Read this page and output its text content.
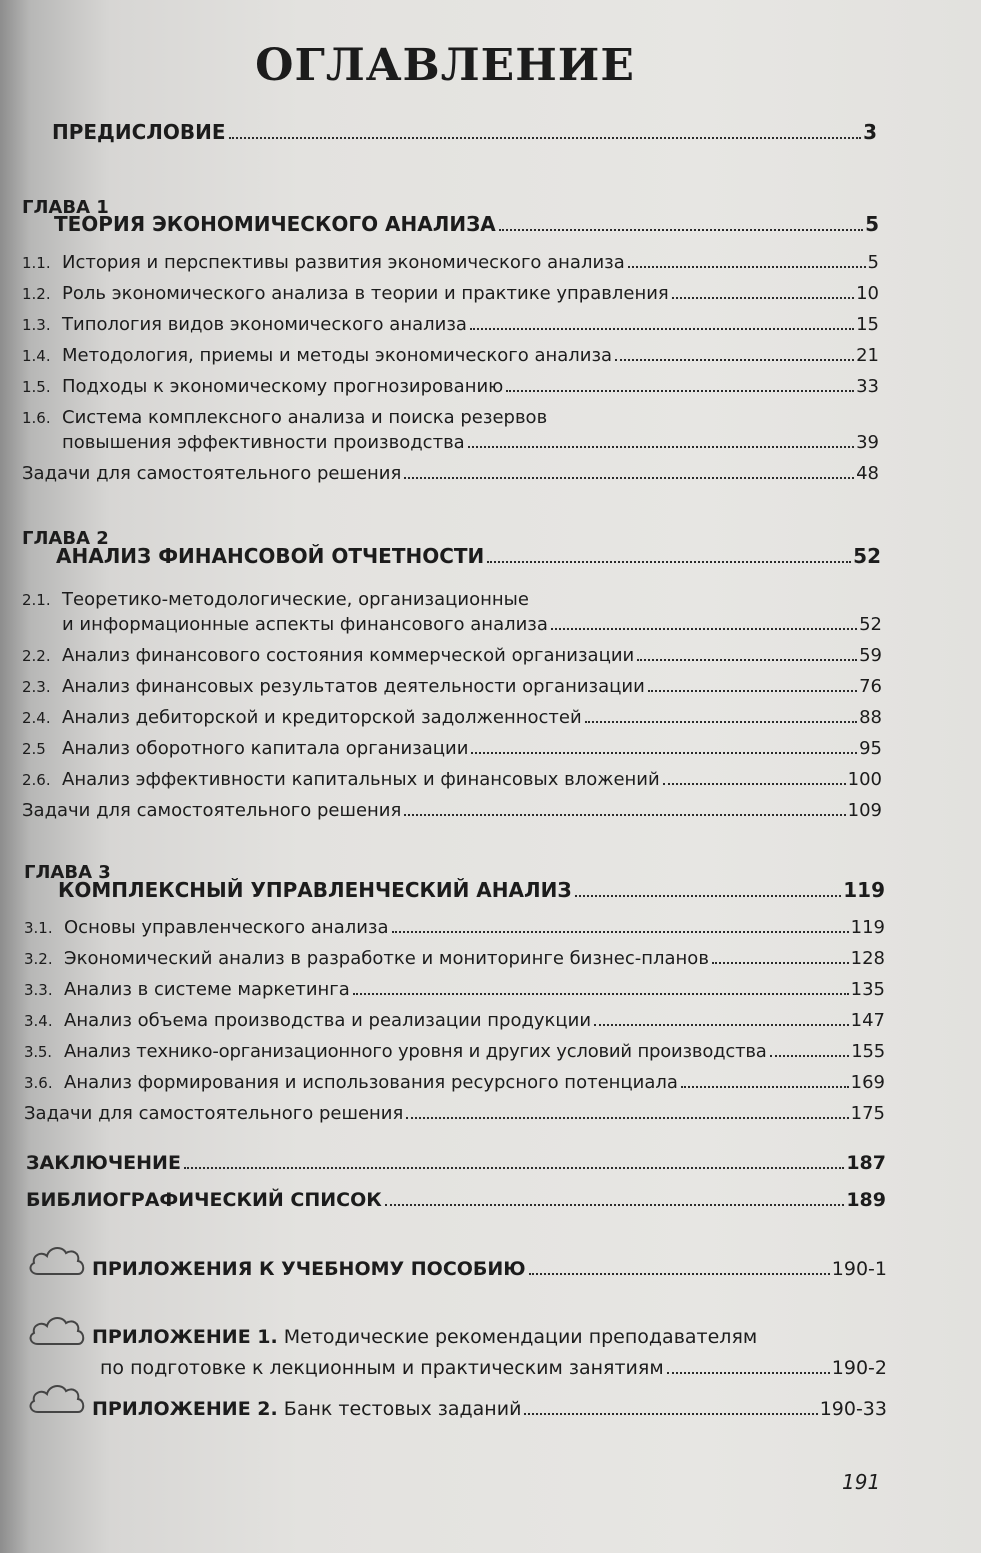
ОГЛАВЛЕНИЕ
ПРЕДИСЛОВИЕ	3
ГЛАВА 1
ТЕОРИЯ ЭКОНОМИЧЕСКОГО АНАЛИЗА	5
1.1. История и перспективы развития экономического анализа	5
1.2. Роль экономического анализа в теории и практике управления	10
1.3. Типология видов экономического анализа	15
1.4. Методология, приемы и методы экономического анализа	21
1.5. Подходы к экономическому прогнозированию	33
1.6. Система комплексного анализа и поиска резервов
повышения эффективности производства	39
Задачи для самостоятельного решения	48
ГЛАВА 2
АНАЛИЗ ФИНАНСОВОЙ ОТЧЕТНОСТИ	52
2.1. Теоретико-методологические, организационные
и информационные аспекты финансового анализа	52
2.2. Анализ финансового состояния коммерческой организации	59
2.3. Анализ финансовых результатов деятельности организации	76
2.4. Анализ дебиторской и кредиторской задолженностей	88
2.5 Анализ оборотного капитала организации	95
2.6. Анализ эффективности капитальных и финансовых вложений	100
Задачи для самостоятельного решения	109
ГЛАВА 3
КОМПЛЕКСНЫЙ УПРАВЛЕНЧЕСКИЙ АНАЛИЗ	119
3.1. Основы управленческого анализа	119
3.2. Экономический анализ в разработке и мониторинге бизнес-планов	128
3.3. Анализ в системе маркетинга	135
3.4. Анализ объема производства и реализации продукции	147
3.5. Анализ технико-организационного уровня и других условий производства	155
3.6. Анализ формирования и использования ресурсного потенциала	169
Задачи для самостоятельного решения	175
ЗАКЛЮЧЕНИЕ	187
БИБЛИОГРАФИЧЕСКИЙ СПИСОК	189
ПРИЛОЖЕНИЯ К УЧЕБНОМУ ПОСОБИЮ	190-1
ПРИЛОЖЕНИЕ 1. Методические рекомендации преподавателям
по подготовке к лекционным и практическим занятиям	190-2
ПРИЛОЖЕНИЕ 2. Банк тестовых заданий	190-33
191
